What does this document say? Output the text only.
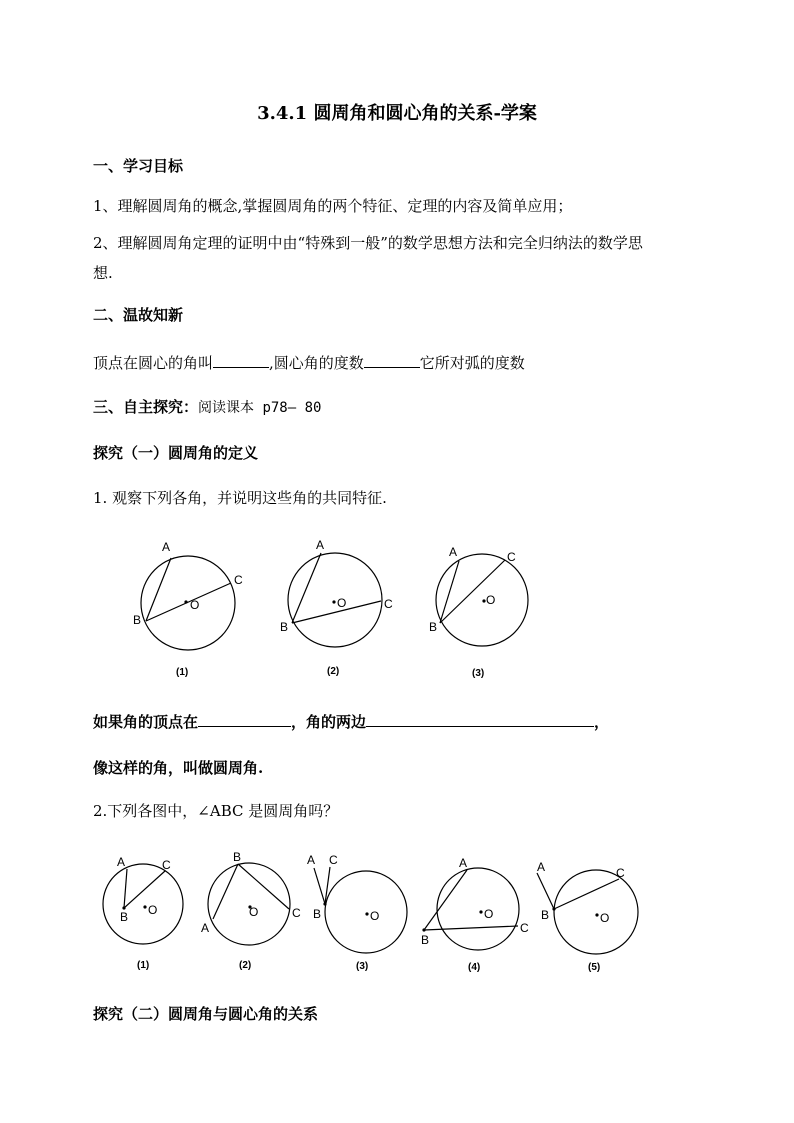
3.4.1 圆周角和圆心角的关系-学案
一、学习目标
1、理解圆周角的概念,掌握圆周角的两个特征、定理的内容及简单应用；
2、理解圆周角定理的证明中由“特殊到一般”的数学思想方法和完全归纳法的数学思
想.
二、温故知新
顶点在圆心的角叫	,圆心角的度数	它所对弧的度数
三、自主探究：阅读课本 p78— 80
探究（一）圆周角的定义
1. 观察下列各角，并说明这些角的共同特征.
如果角的顶点在	，角的两边	，
像这样的角，叫做圆周角.
2.下列各图中，∠ABC 是圆周角吗？
探究（二）圆周角与圆心角的关系
A
B
C
O
(1)
A
B
C
O
(2)
A
B
C
O
(3)
A
B
C
O
(1)
B
A
C
O
(2)
A C
B	O
(3)
A
B
C
O
(4)
A
B
C
O
(5)
